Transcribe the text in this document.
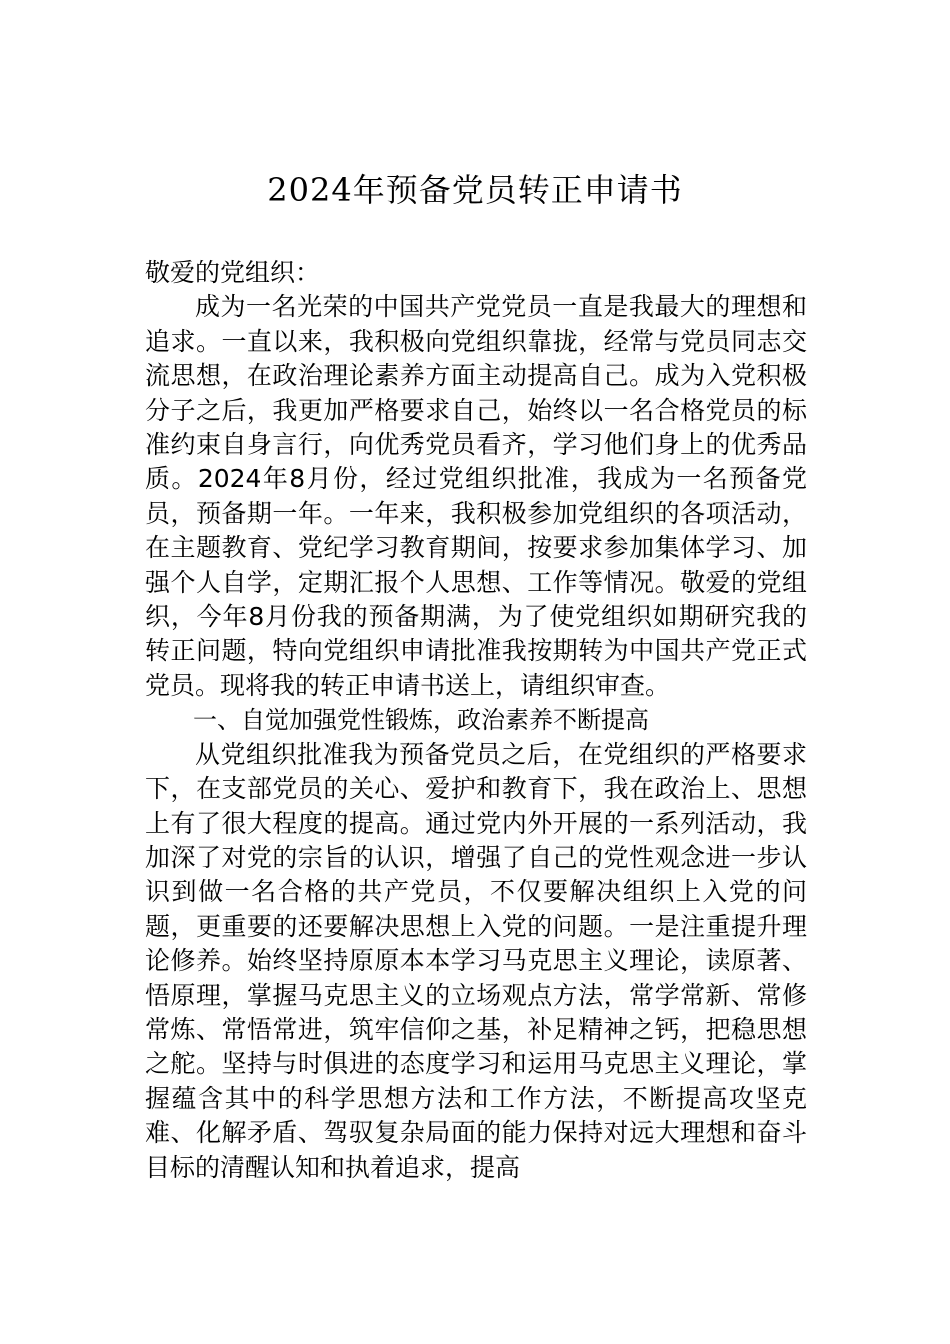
2024年预备党员转正申请书

敬爱的党组织：

成为一名光荣的中国共产党党员一直是我最大的理想和追求。一直以来，我积极向党组织靠拢，经常与党员同志交流思想，在政治理论素养方面主动提高自己。成为入党积极分子之后，我更加严格要求自己，始终以一名合格党员的标准约束自身言行，向优秀党员看齐，学习他们身上的优秀品质。2024年8月份，经过党组织批准，我成为一名预备党员，预备期一年。一年来，我积极参加党组织的各项活动，在主题教育、党纪学习教育期间，按要求参加集体学习、加强个人自学，定期汇报个人思想、工作等情况。敬爱的党组织，今年8月份我的预备期满，为了使党组织如期研究我的转正问题，特向党组织申请批准我按期转为中国共产党正式党员。现将我的转正申请书送上，请组织审查。

一、自觉加强党性锻炼，政治素养不断提高

从党组织批准我为预备党员之后，在党组织的严格要求下，在支部党员的关心、爱护和教育下，我在政治上、思想上有了很大程度的提高。通过党内外开展的一系列活动，我加深了对党的宗旨的认识，增强了自己的党性观念进一步认识到做一名合格的共产党员，不仅要解决组织上入党的问题，更重要的还要解决思想上入党的问题。一是注重提升理论修养。始终坚持原原本本学习马克思主义理论，读原著、悟原理，掌握马克思主义的立场观点方法，常学常新、常修常炼、常悟常进，筑牢信仰之基，补足精神之钙，把稳思想之舵。坚持与时俱进的态度学习和运用马克思主义理论，掌握蕴含其中的科学思想方法和工作方法，不断提高攻坚克难、化解矛盾、驾驭复杂局面的能力保持对远大理想和奋斗目标的清醒认知和执着追求，提高
